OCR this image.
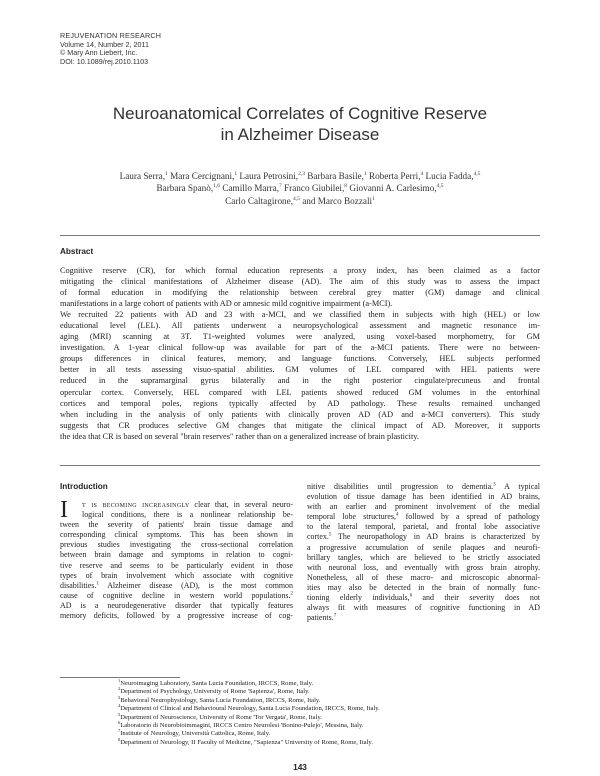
REJUVENATION RESEARCH
Volume 14, Number 2, 2011
© Mary Ann Liebert, Inc.
DOI: 10.1089/rej.2010.1103
Neuroanatomical Correlates of Cognitive Reserve
in Alzheimer Disease
Laura Serra,$^1$ Mara Cercignani,$^1$ Laura Petrosini,$^{2,3}$ Barbara Basile,$^1$ Roberta Perri,$^4$ Lucia Fadda,$^{4,5}$
Barbara Spanò,$^{1,6}$ Camillo Marra,$^7$ Franco Giubilei,$^8$ Giovanni A. Carlesimo,$^{4,5}$
Carlo Caltagirone,$^{4,5}$ and Marco Bozzali$^1$
Abstract
Cognitive reserve (CR), for which formal education represents a proxy index, has been claimed as a factor
mitigating the clinical manifestations of Alzheimer disease (AD). The aim of this study was to assess the impact
of formal education in modifying the relationship between cerebral grey matter (GM) damage and clinical
manifestations in a large cohort of patients with AD or amnesic mild cognitive impairment (a-MCI).
We recruited 22 patients with AD and 23 with a-MCI, and we classified them in subjects with high (HEL) or low
educational level (LEL). All patients underwent a neuropsychological assessment and magnetic resonance im-
aging (MRI) scanning at 3T. T1-weighted volumes were analyzed, using voxel-based morphometry, for GM
investigation. A 1-year clinical follow-up was available for part of the a-MCI patients. There were no between-
groups differences in clinical features, memory, and language functions. Conversely, HEL subjects performed
better in all tests assessing visuo-spatial abilities. GM volumes of LEL compared with HEL patients were
reduced in the supramarginal gyrus bilaterally and in the right posterior cingulate/precuneus and frontal
opercular cortex. Conversely, HEL compared with LEL patients showed reduced GM volumes in the entorhinal
cortices and temporal poles, regions typically affected by AD pathology. These results remained unchanged
when including in the analysis of only patients with clinically proven AD (AD and a-MCI converters). This study
suggests that CR produces selective GM changes that mitigate the clinical impact of AD. Moreover, it supports
the idea that CR is based on several "brain reserves" rather than on a generalized increase of brain plasticity.
Introduction
I	t is becoming increasingly clear that, in several neuro-
logical conditions, there is a nonlinear relationship be-
tween the severity of patients' brain tissue damage and
corresponding clinical symptoms. This has been shown in
previous studies investigating the cross-sectional correlation
between brain damage and symptoms in relation to cogni-
tive reserve and seems to be particularly evident in those
types of brain involvement which associate with cognitive
disabilities.$^1$ Alzheimer disease (AD), is the most common
cause of cognitive decline in western world populations.$^2$
AD is a neurodegenerative disorder that typically features
memory deficits, followed by a progressive increase of cog-
nitive disabilities until progression to dementia.$^3$ A typical
evolution of tissue damage has been identified in AD brains,
with an earlier and prominent involvement of the medial
temporal lobe structures,$^4$ followed by a spread of pathology
to the lateral temporal, parietal, and frontal lobe associative
cortex.$^5$ The neuropathology in AD brains is characterized by
a progressive accumulation of senile plaques and neurofi-
brillary tangles, which are believed to be strictly associated
with neuronal loss, and eventually with gross brain atrophy.
Nonetheless, all of these macro- and microscopic abnormal-
ities may also be detected in the brain of normally func-
tioning elderly individuals,$^6$ and their severity does not
always fit with measures of cognitive functioning in AD
patients.$^7$
$^1$Neuroimaging Laboratory, Santa Lucia Foundation, IRCCS, Rome, Italy.
$^2$Department of Psychology, University of Rome 'Sapienza', Rome, Italy.
$^3$Behavioral Neurophysiology, Santa Lucia Foundation, IRCCS, Rome, Italy.
$^4$Department of Clinical and Behavioural Neurology, Santa Lucia Foundation, IRCCS, Rome, Italy.
$^5$Department of Neuroscience, University of Rome 'Tor Vergata', Rome, Italy.
$^6$Laboratorio di Neurobioimmagini, IRCCS Centro Neurolesi 'Bonino-Pulejo', Messina, Italy.
$^7$Institute of Neurology, Università Cattolica, Rome, Italy.
$^8$Department of Neurology, II Faculty of Medicine, "Sapienza" University of Rome, Rome, Italy.
143
